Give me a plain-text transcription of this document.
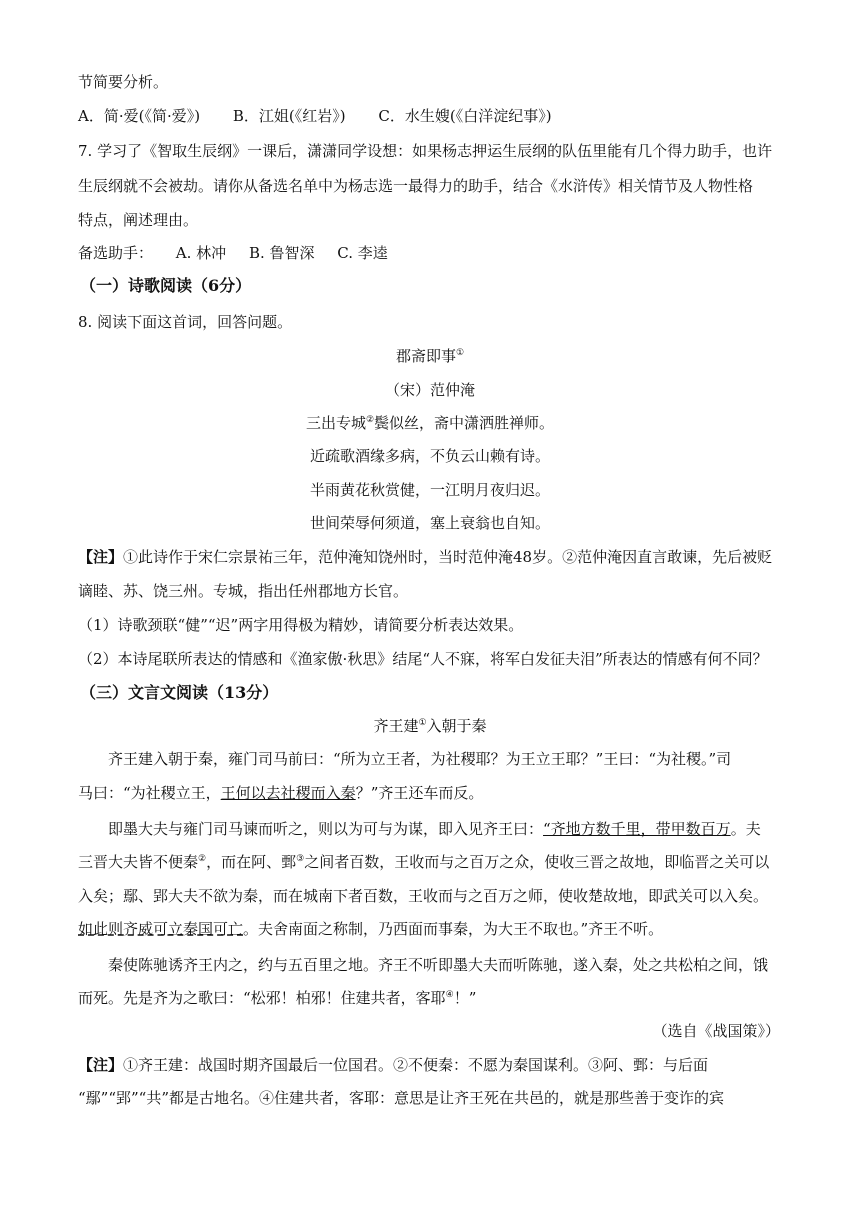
节简要分析。
A．简·爱(《简·爱》) B．江姐(《红岩》) C．水生嫂(《白洋淀纪事》)
7. 学习了《智取生辰纲》一课后，潇潇同学设想：如果杨志押运生辰纲的队伍里能有几个得力助手，也许
生辰纲就不会被劫。请你从备选名单中为杨志选一最得力的助手，结合《水浒传》相关情节及人物性格
特点，阐述理由。
备选助手： A. 林冲 B. 鲁智深 C. 李逵
（一）诗歌阅读（6分）
8. 阅读下面这首词，回答问题。
郡斋即事①
（宋）范仲淹
三出专城②鬓似丝，斋中潇洒胜禅师。
近疏歌酒缘多病，不负云山赖有诗。
半雨黄花秋赏健，一江明月夜归迟。
世间荣辱何须道，塞上衰翁也自知。
【注】①此诗作于宋仁宗景祐三年，范仲淹知饶州时，当时范仲淹48岁。②范仲淹因直言敢谏，先后被贬
谪睦、苏、饶三州。专城，指出任州郡地方长官。
（1）诗歌颈联“健”“迟”两字用得极为精妙，请简要分析表达效果。
（2）本诗尾联所表达的情感和《渔家傲·秋思》结尾“人不寐，将军白发征夫泪”所表达的情感有何不同？
（三）文言文阅读（13分）
齐王建①入朝于秦
齐王建入朝于秦，雍门司马前曰：“所为立王者，为社稷耶？为王立王耶？”王曰：“为社稷。”司
马曰：“为社稷立王，王何以去社稷而入秦？”齐王还车而反。
即墨大夫与雍门司马谏而听之，则以为可与为谋，即入见齐王曰：“齐地方数千里，带甲数百万。夫
三晋大夫皆不便秦②，而在阿、鄄③之间者百数，王收而与之百万之众，使收三晋之故地，即临晋之关可以
入矣；鄢、郢大夫不欲为秦，而在城南下者百数，王收而与之百万之师，使收楚故地，即武关可以入矣。
如此则齐威可立秦国可亡。夫舍南面之称制，乃西面而事秦，为大王不取也。”齐王不听。
秦使陈驰诱齐王内之，约与五百里之地。齐王不听即墨大夫而听陈驰，遂入秦，处之共松柏之间，饿
而死。先是齐为之歌曰：“松邪！柏邪！住建共者，客耶④！”
（选自《战国策》）
【注】①齐王建：战国时期齐国最后一位国君。②不便秦：不愿为秦国谋利。③阿、鄄：与后面
“鄢”“郢”“共”都是古地名。④住建共者，客耶：意思是让齐王死在共邑的，就是那些善于变诈的宾
